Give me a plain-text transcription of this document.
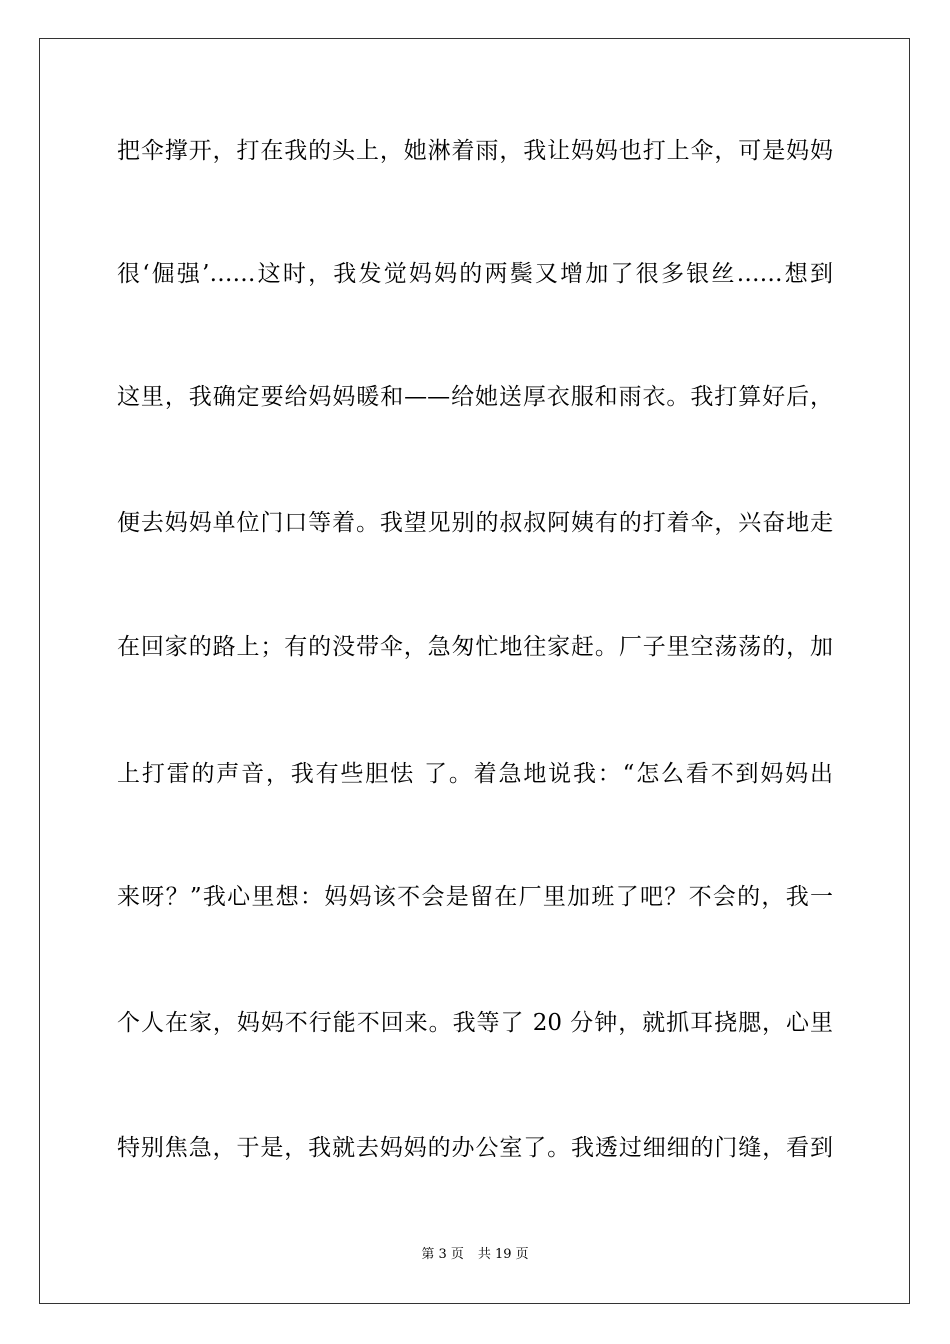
把伞撑开，打在我的头上，她淋着雨，我让妈妈也打上伞，可是妈妈
很‘倔强’……这时，我发觉妈妈的两鬓又增加了很多银丝……想到
这里，我确定要给妈妈暖和——给她送厚衣服和雨衣。我打算好后，
便去妈妈单位门口等着。我望见别的叔叔阿姨有的打着伞，兴奋地走
在回家的路上；有的没带伞，急匆忙地往家赶。厂子里空荡荡的，加
上打雷的声音，我有些胆怯 了。着急地说我：“怎么看不到妈妈出
来呀？”我心里想：妈妈该不会是留在厂里加班了吧？不会的，我一
个人在家，妈妈不行能不回来。我等了 20 分钟，就抓耳挠腮，心里
特别焦急，于是，我就去妈妈的办公室了。我透过细细的门缝，看到
第 3 页 共 19 页
